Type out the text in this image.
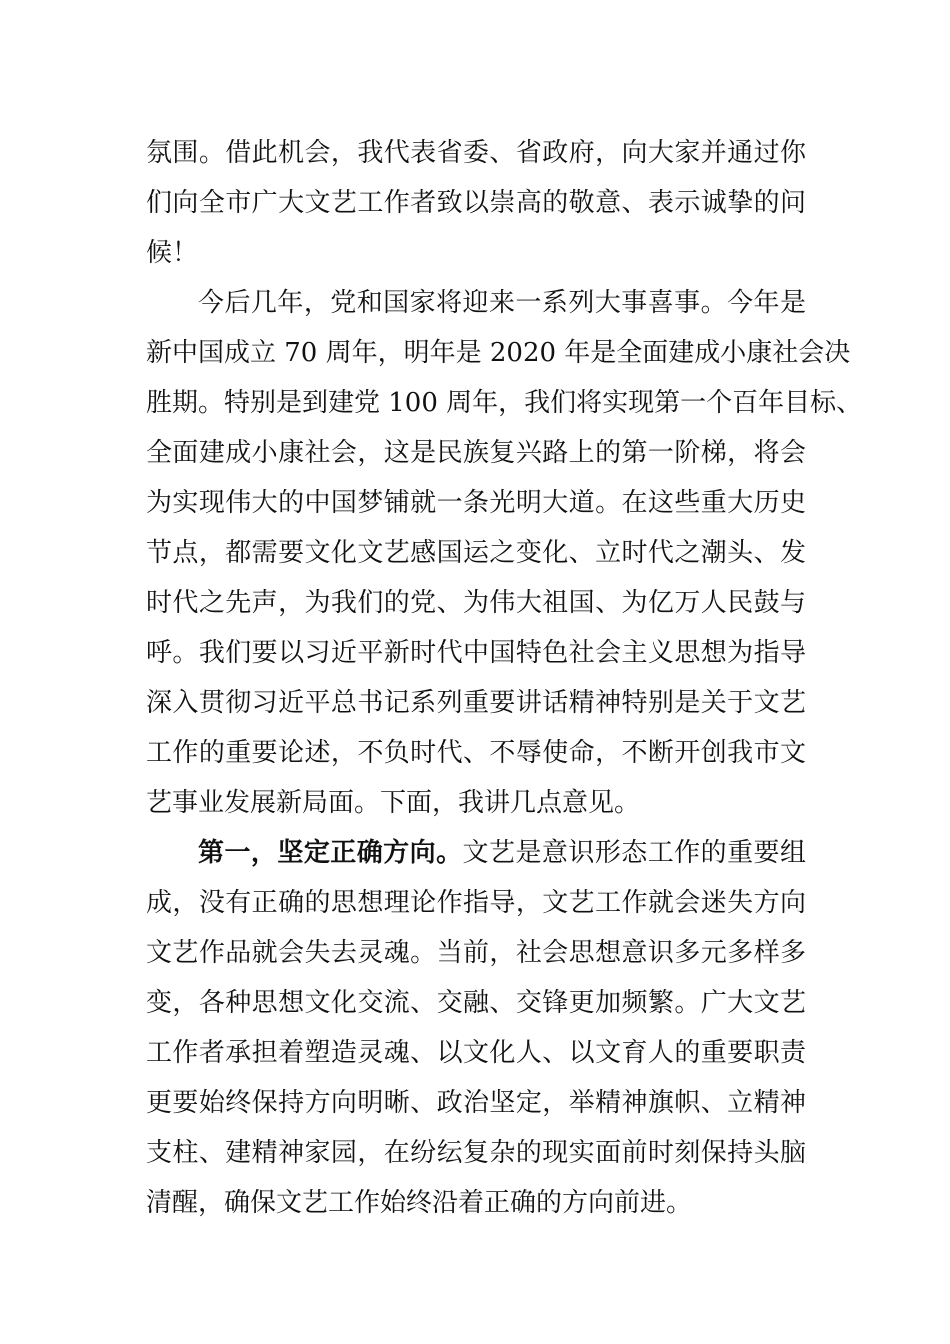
氛围。借此机会，我代表省委、省政府，向大家并通过你
们向全市广大文艺工作者致以崇高的敬意、表示诚挚的问
候！
今后几年，党和国家将迎来一系列大事喜事。今年是
新中国成立 70 周年，明年是 2020 年是全面建成小康社会决
胜期。特别是到建党 100 周年，我们将实现第一个百年目标、
全面建成小康社会，这是民族复兴路上的第一阶梯，将会
为实现伟大的中国梦铺就一条光明大道。在这些重大历史
节点，都需要文化文艺感国运之变化、立时代之潮头、发
时代之先声，为我们的党、为伟大祖国、为亿万人民鼓与
呼。我们要以习近平新时代中国特色社会主义思想为指导
深入贯彻习近平总书记系列重要讲话精神特别是关于文艺
工作的重要论述，不负时代、不辱使命，不断开创我市文
艺事业发展新局面。下面，我讲几点意见。
第一，坚定正确方向。文艺是意识形态工作的重要组
成，没有正确的思想理论作指导，文艺工作就会迷失方向
文艺作品就会失去灵魂。当前，社会思想意识多元多样多
变，各种思想文化交流、交融、交锋更加频繁。广大文艺
工作者承担着塑造灵魂、以文化人、以文育人的重要职责
更要始终保持方向明晰、政治坚定，举精神旗帜、立精神
支柱、建精神家园，在纷纭复杂的现实面前时刻保持头脑
清醒，确保文艺工作始终沿着正确的方向前进。
